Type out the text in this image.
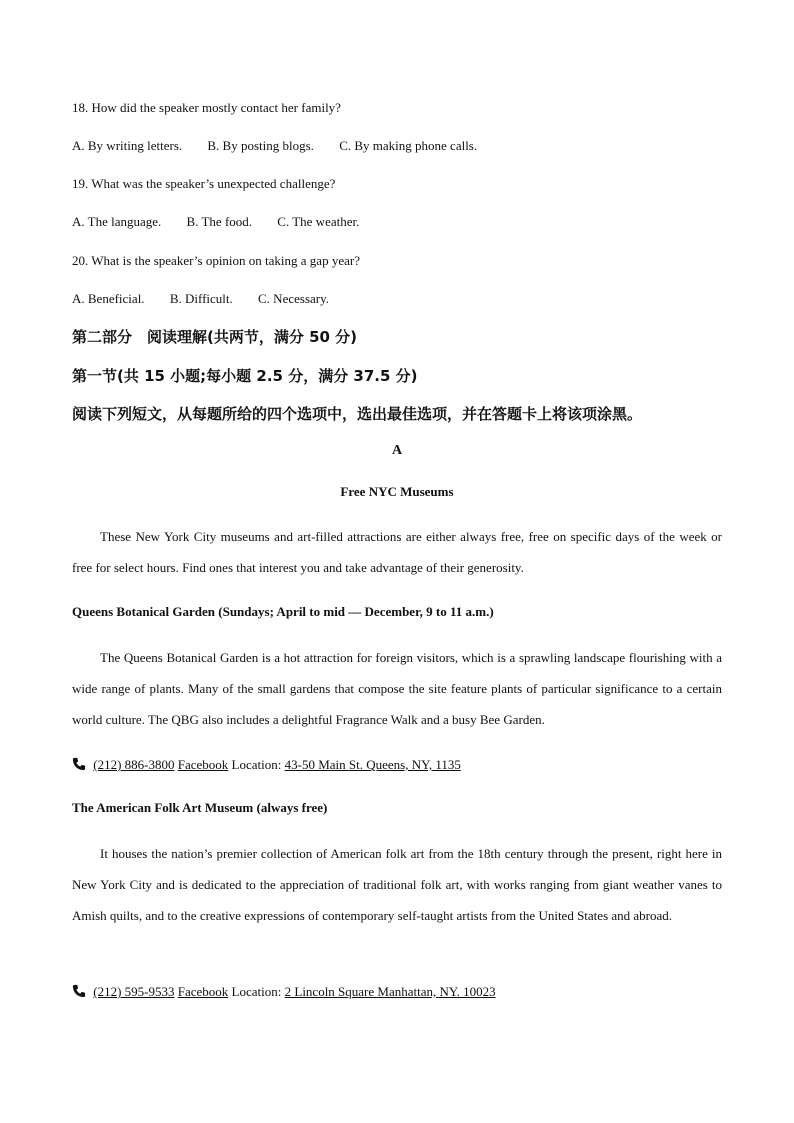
18. How did the speaker mostly contact her family?
A. By writing letters. B. By posting blogs. C. By making phone calls.
19. What was the speaker’s unexpected challenge?
A. The language. B. The food. C. The weather.
20. What is the speaker’s opinion on taking a gap year?
A. Beneficial. B. Difficult. C. Necessary.
第二部分　阅读理解(共两节，满分 50 分)
第一节(共 15 小题;每小题 2.5 分，满分 37.5 分)
阅读下列短文，从每题所给的四个选项中，选出最佳选项，并在答题卡上将该项涂黑。
A
Free NYC Museums
These New York City museums and art-filled attractions are either always free, free on specific days of the week or free for select hours. Find ones that interest you and take advantage of their generosity.
Queens Botanical Garden (Sundays; April to mid — December, 9 to 11 a.m.)
The Queens Botanical Garden is a hot attraction for foreign visitors, which is a sprawling landscape flourishing with a wide range of plants. Many of the small gardens that compose the site feature plants of particular significance to a certain world culture. The QBG also includes a delightful Fragrance Walk and a busy Bee Garden.
(212) 886-3800 Facebook Location: 43-50 Main St. Queens, NY, 1135
The American Folk Art Museum (always free)
It houses the nation’s premier collection of American folk art from the 18th century through the present, right here in New York City and is dedicated to the appreciation of traditional folk art, with works ranging from giant weather vanes to Amish quilts, and to the creative expressions of contemporary self-taught artists from the United States and abroad.
(212) 595-9533 Facebook Location: 2 Lincoln Square Manhattan, NY. 10023
